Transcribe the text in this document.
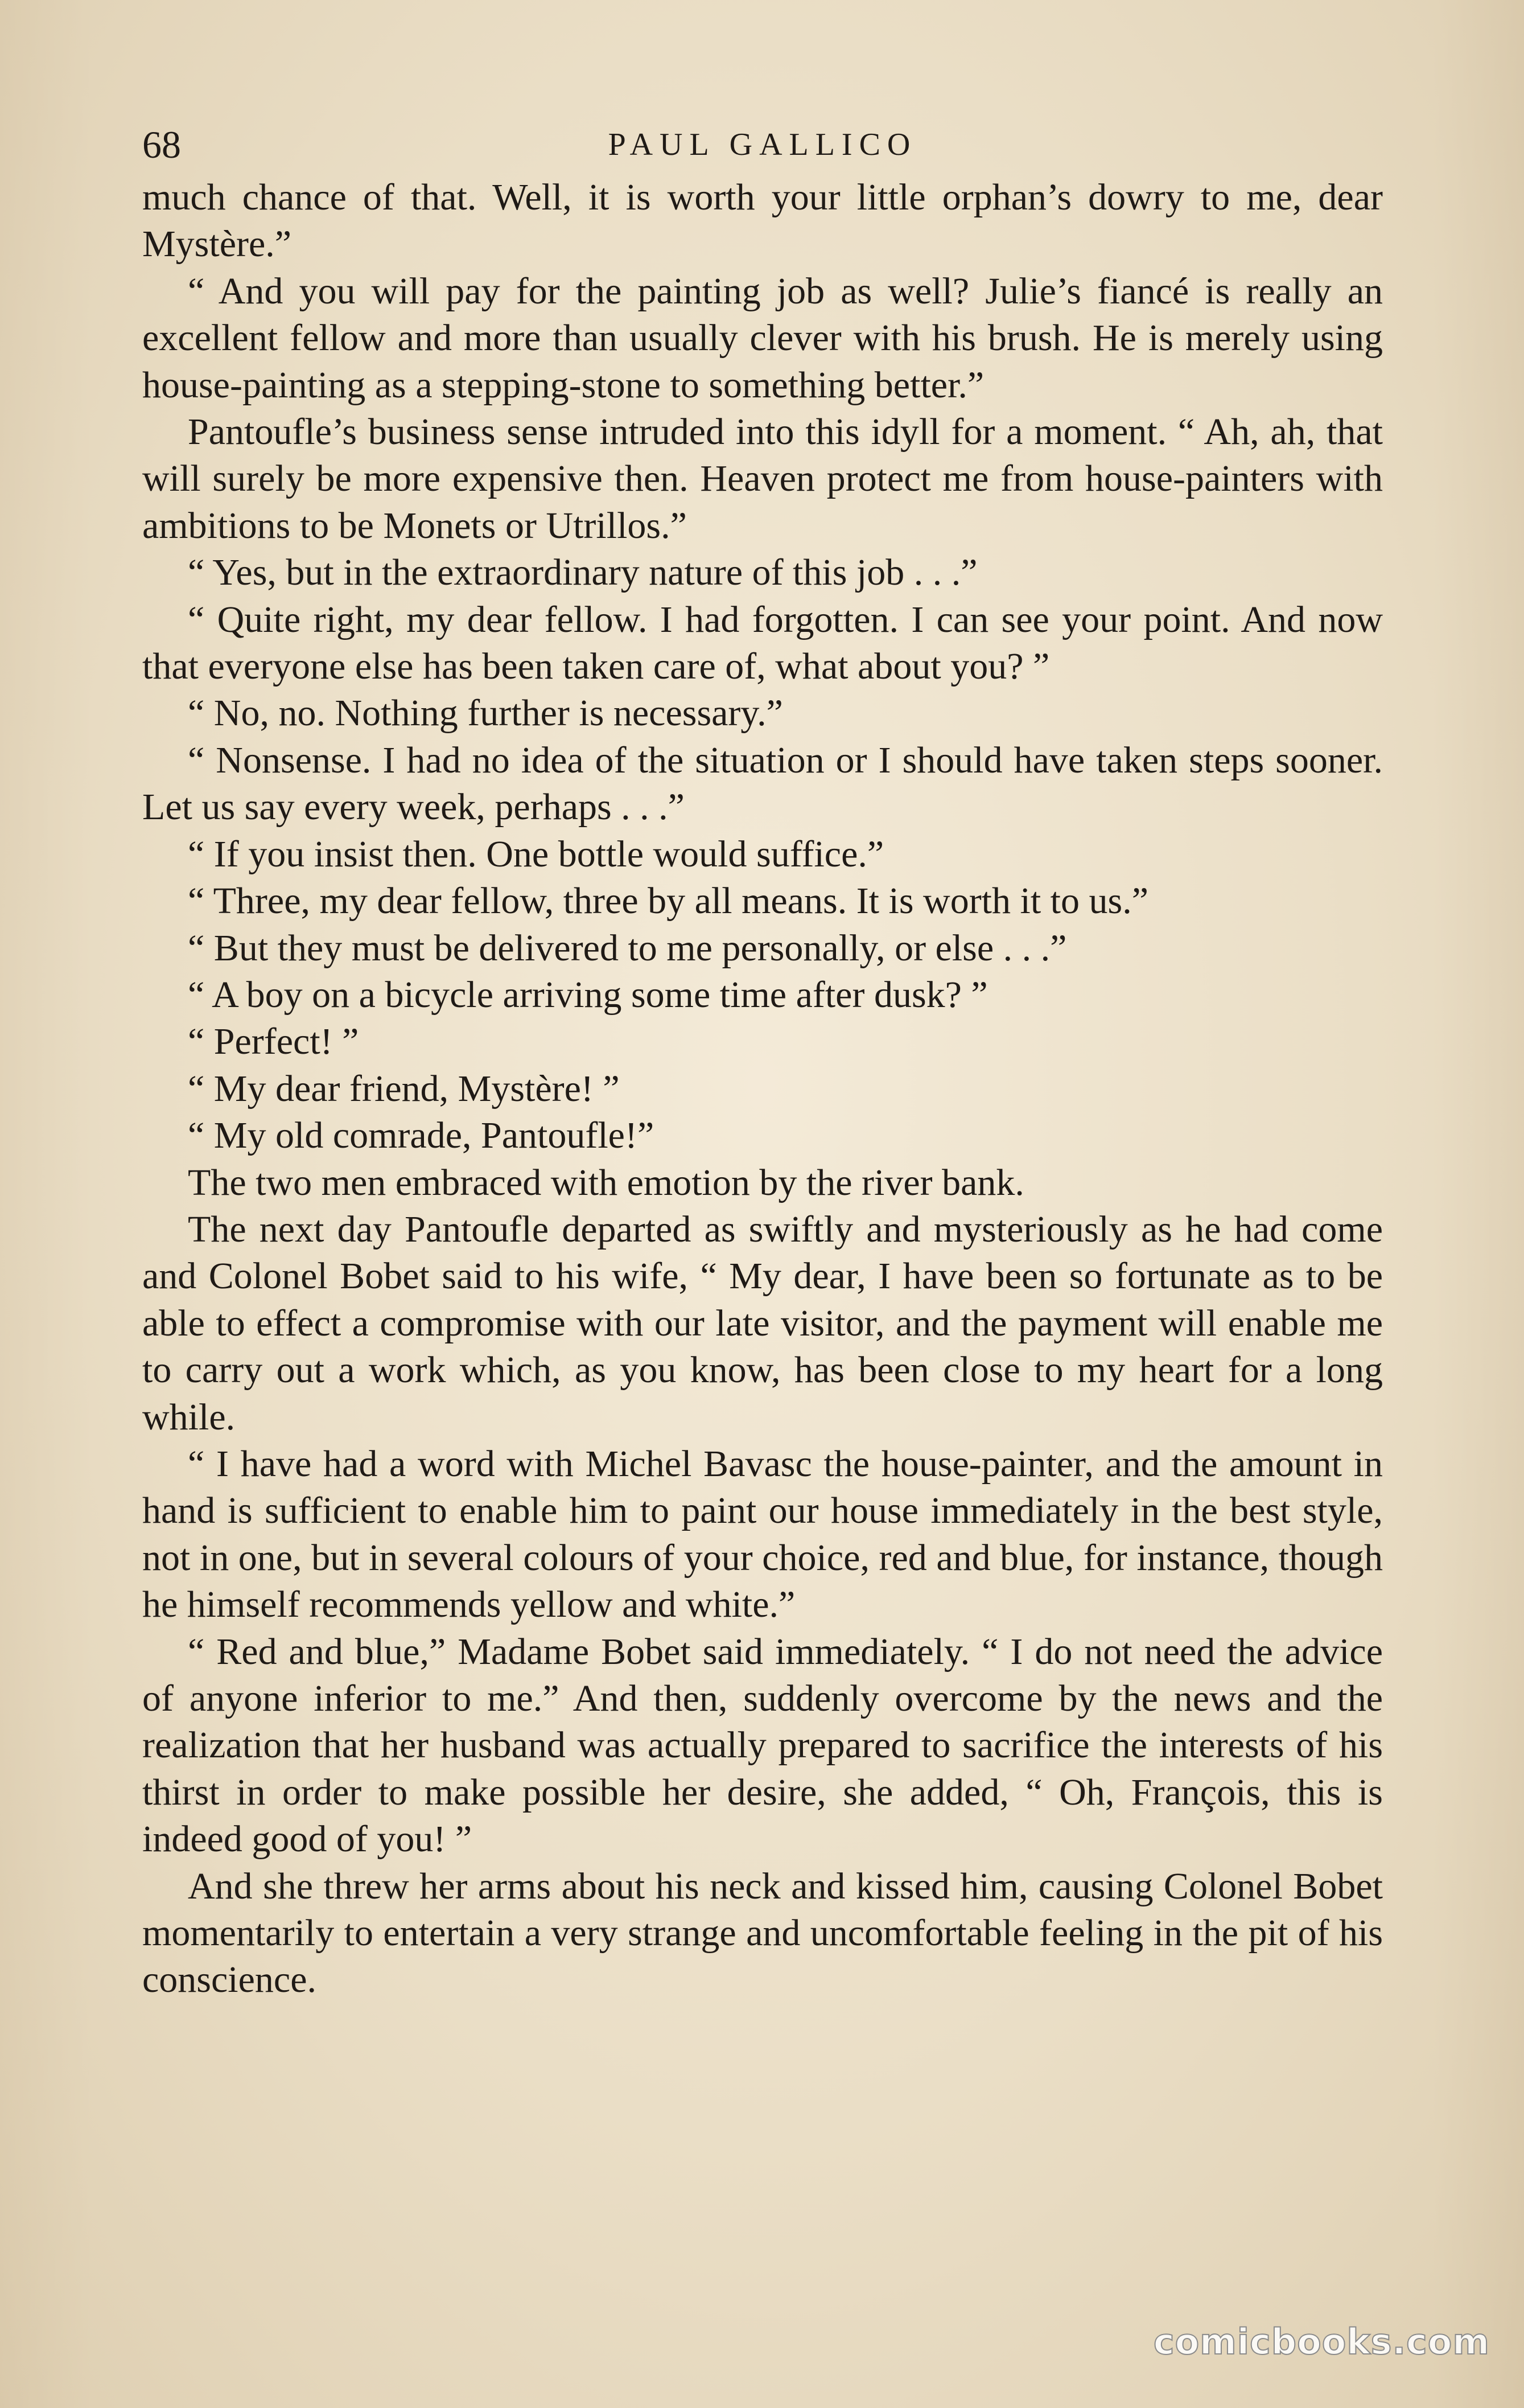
68	PAUL GALLICO

much chance of that. Well, it is worth your little orphan’s dowry to me, dear Mystère.”

“ And you will pay for the painting job as well? Julie’s fiancé is really an excellent fellow and more than usually clever with his brush. He is merely using house-painting as a stepping-stone to something better.”

Pantoufle’s business sense intruded into this idyll for a moment. “ Ah, ah, that will surely be more expensive then. Heaven protect me from house-painters with ambitions to be Monets or Utrillos.”

“ Yes, but in the extraordinary nature of this job . . .”

“ Quite right, my dear fellow. I had forgotten. I can see your point. And now that everyone else has been taken care of, what about you? ”

“ No, no. Nothing further is necessary.”

“ Nonsense. I had no idea of the situation or I should have taken steps sooner. Let us say every week, perhaps . . .”

“ If you insist then. One bottle would suffice.”

“ Three, my dear fellow, three by all means. It is worth it to us.”

“ But they must be delivered to me personally, or else . . .”

“ A boy on a bicycle arriving some time after dusk? ”

“ Perfect! ”

“ My dear friend, Mystère! ”

“ My old comrade, Pantoufle!”

The two men embraced with emotion by the river bank.

The next day Pantoufle departed as swiftly and mysteriously as he had come and Colonel Bobet said to his wife, “ My dear, I have been so fortunate as to be able to effect a compromise with our late visitor, and the payment will enable me to carry out a work which, as you know, has been close to my heart for a long while.

“ I have had a word with Michel Bavasc the house-painter, and the amount in hand is sufficient to enable him to paint our house immediately in the best style, not in one, but in several colours of your choice, red and blue, for instance, though he himself recommends yellow and white.”

“ Red and blue,” Madame Bobet said immediately. “ I do not need the advice of anyone inferior to me.” And then, suddenly overcome by the news and the realization that her husband was actually prepared to sacrifice the interests of his thirst in order to make possible her desire, she added, “ Oh, François, this is indeed good of you! ”

And she threw her arms about his neck and kissed him, causing Colonel Bobet momentarily to entertain a very strange and uncomfortable feeling in the pit of his conscience.

comicbooks.com
